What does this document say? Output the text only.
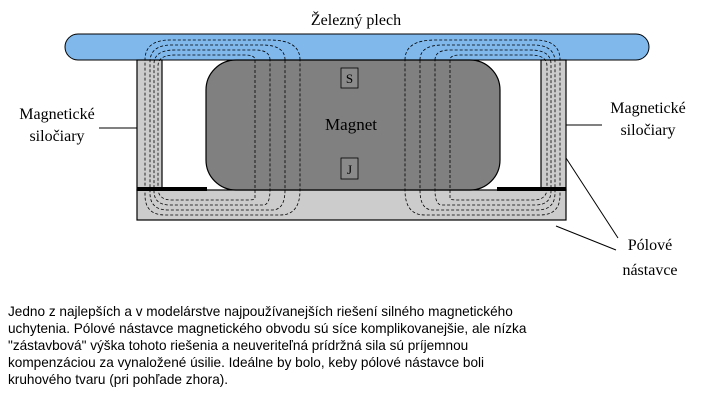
Železný plech
Magnet
S
J
Magnetické
siločiary
Magnetické
siločiary
Pólové
nástavce

Jedno z najlepších a v modelárstve najpoužívanejších riešení silného magnetického
uchytenia. Pólové nástavce magnetického obvodu sú síce komplikovanejšie, ale nízka
"zástavbová" výška tohoto riešenia a neuveriteľná prídržná sila sú príjemnou
kompenzáciou za vynaložené úsilie. Ideálne by bolo, keby pólové nástavce boli
kruhového tvaru (pri pohľade zhora).
